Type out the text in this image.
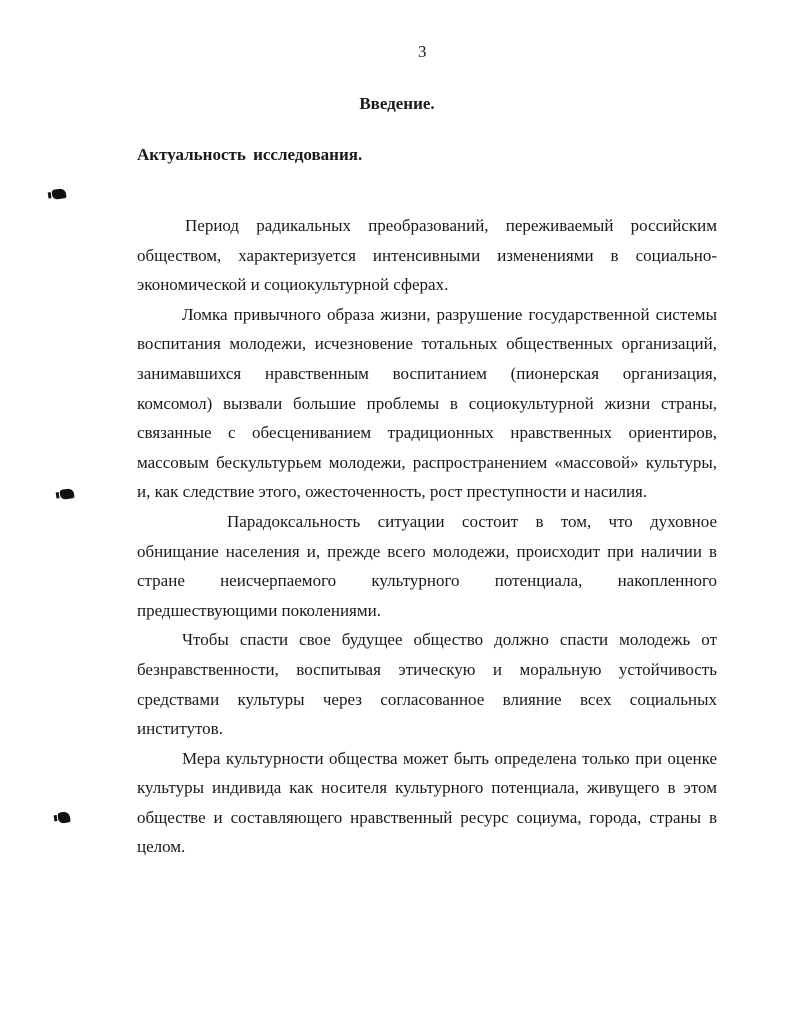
3
Введение.
Актуальность исследования.

Период радикальных преобразований, переживаемый российским обществом, характеризуется интенсивными изменениями в социально-экономической и социокультурной сферах.

Ломка привычного образа жизни, разрушение государственной системы воспитания молодежи, исчезновение тотальных общественных организаций, занимавшихся нравственным воспитанием (пионерская организация, комсомол) вызвали большие проблемы в социокультурной жизни страны, связанные с обесцениванием традиционных нравственных ориентиров, массовым бескультурьем молодежи, распространением «массовой» культуры, и, как следствие этого, ожесточенность, рост преступности и насилия.

Парадоксальность ситуации состоит в том, что духовное обнищание населения и, прежде всего молодежи, происходит при наличии в стране неисчерпаемого культурного потенциала, накопленного предшествующими поколениями.

Чтобы спасти свое будущее общество должно спасти молодежь от безнравственности, воспитывая этическую и моральную устойчивость средствами культуры через согласованное влияние всех социальных институтов.

Мера культурности общества может быть определена только при оценке культуры индивида как носителя культурного потенциала, живущего в этом обществе и составляющего нравственный ресурс социума, города, страны в целом.
